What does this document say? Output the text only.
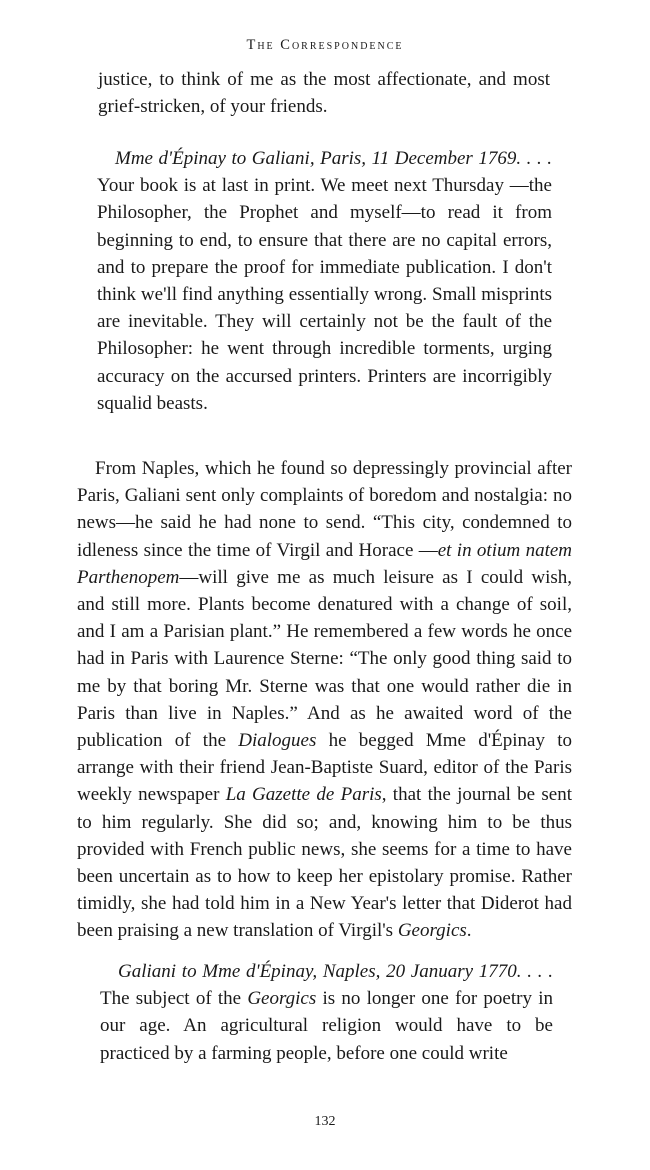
The Correspondence

justice, to think of me as the most affectionate, and most grief-stricken, of your friends.

Mme d'Épinay to Galiani, Paris, 11 December 1769. . . . Your book is at last in print. We meet next Thursday —the Philosopher, the Prophet and myself—to read it from beginning to end, to ensure that there are no capital errors, and to prepare the proof for immediate publication. I don't think we'll find anything essentially wrong. Small misprints are inevitable. They will certainly not be the fault of the Philosopher: he went through incredible torments, urging accuracy on the accursed printers. Printers are incorrigibly squalid beasts.

From Naples, which he found so depressingly provincial after Paris, Galiani sent only complaints of boredom and nostalgia: no news—he said he had none to send. “This city, condemned to idleness since the time of Virgil and Horace —et in otium natem Parthenopem—will give me as much leisure as I could wish, and still more. Plants become denatured with a change of soil, and I am a Parisian plant.” He remembered a few words he once had in Paris with Laurence Sterne: “The only good thing said to me by that boring Mr. Sterne was that one would rather die in Paris than live in Naples.” And as he awaited word of the publication of the Dialogues he begged Mme d'Épinay to arrange with their friend Jean-Baptiste Suard, editor of the Paris weekly newspaper La Gazette de Paris, that the journal be sent to him regularly. She did so; and, knowing him to be thus provided with French public news, she seems for a time to have been uncertain as to how to keep her epistolary promise. Rather timidly, she had told him in a New Year's letter that Diderot had been praising a new translation of Virgil's Georgics.

Galiani to Mme d'Épinay, Naples, 20 January 1770. . . . The subject of the Georgics is no longer one for poetry in our age. An agricultural religion would have to be practiced by a farming people, before one could write

132
